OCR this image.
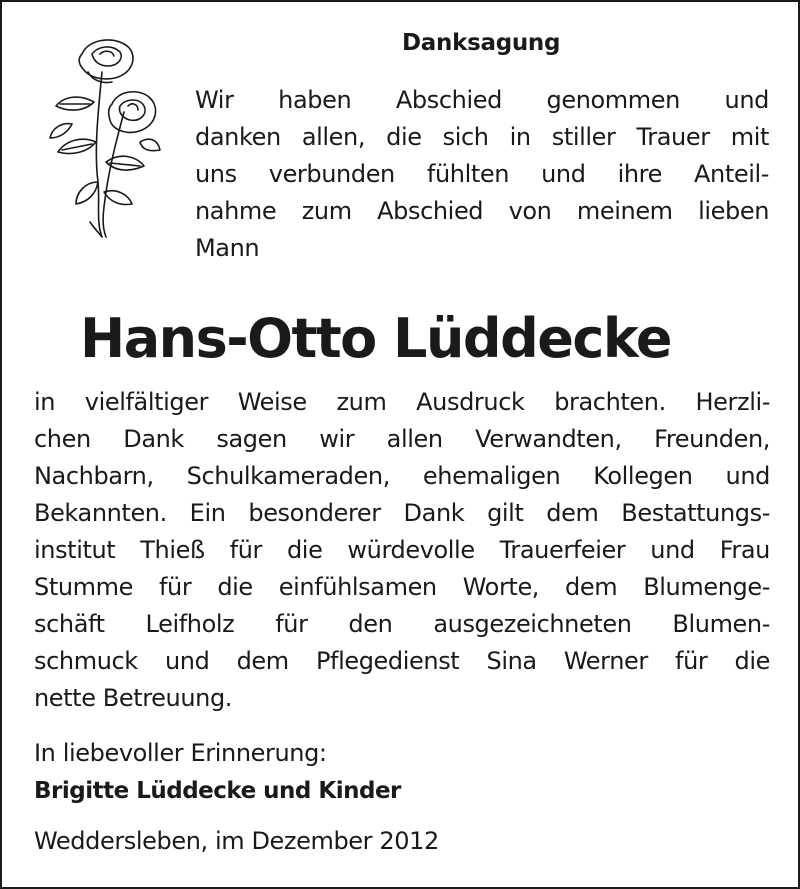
Danksagung
Wir haben Abschied genommen und
danken allen, die sich in stiller Trauer mit
uns verbunden fühlten und ihre Anteil-
nahme zum Abschied von meinem lieben
Mann
Hans-Otto Lüddecke
in vielfältiger Weise zum Ausdruck brachten. Herzli-
chen Dank sagen wir allen Verwandten, Freunden,
Nachbarn, Schulkameraden, ehemaligen Kollegen und
Bekannten. Ein besonderer Dank gilt dem Bestattungs-
institut Thieß für die würdevolle Trauerfeier und Frau
Stumme für die einfühlsamen Worte, dem Blumenge-
schäft Leifholz für den ausgezeichneten Blumen-
schmuck und dem Pflegedienst Sina Werner für die
nette Betreuung.
In liebevoller Erinnerung:
Brigitte Lüddecke und Kinder
Weddersleben, im Dezember 2012
